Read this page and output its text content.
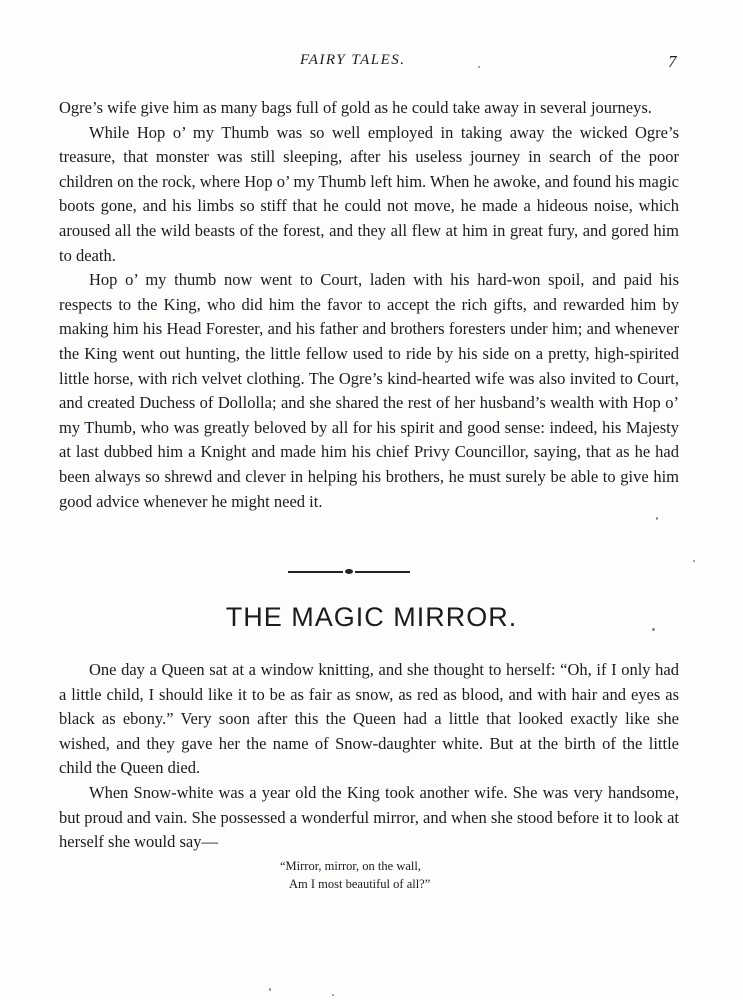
FAIRY TALES.	7

Ogre’s wife give him as many bags full of gold as he could take away in several journeys.

While Hop o’ my Thumb was so well employed in taking away the wicked Ogre’s treasure, that monster was still sleeping, after his useless journey in search of the poor children on the rock, where Hop o’ my Thumb left him. When he awoke, and found his magic boots gone, and his limbs so stiff that he could not move, he made a hideous noise, which aroused all the wild beasts of the forest, and they all flew at him in great fury, and gored him to death.

Hop o’ my thumb now went to Court, laden with his hard-won spoil, and paid his respects to the King, who did him the favor to accept the rich gifts, and rewarded him by making him his Head Forester, and his father and brothers foresters under him; and whenever the King went out hunting, the little fellow used to ride by his side on a pretty, high-spirited little horse, with rich velvet clothing. The Ogre’s kind-hearted wife was also invited to Court, and created Duchess of Dollolla; and she shared the rest of her husband’s wealth with Hop o’ my Thumb, who was greatly beloved by all for his spirit and good sense: indeed, his Majesty at last dubbed him a Knight and made him his chief Privy Councillor, saying, that as he had been always so shrewd and clever in helping his brothers, he must surely be able to give him good advice whenever he might need it.

THE MAGIC MIRROR.

One day a Queen sat at a window knitting, and she thought to herself: “Oh, if I only had a little child, I should like it to be as fair as snow, as red as blood, and with hair and eyes as black as ebony.” Very soon after this the Queen had a little that looked exactly like she wished, and they gave her the name of Snow-daughter white. But at the birth of the little child the Queen died.

When Snow-white was a year old the King took another wife. She was very handsome, but proud and vain. She possessed a wonderful mirror, and when she stood before it to look at herself she would say––

“Mirror, mirror, on the wall,
Am I most beautiful of all?”
